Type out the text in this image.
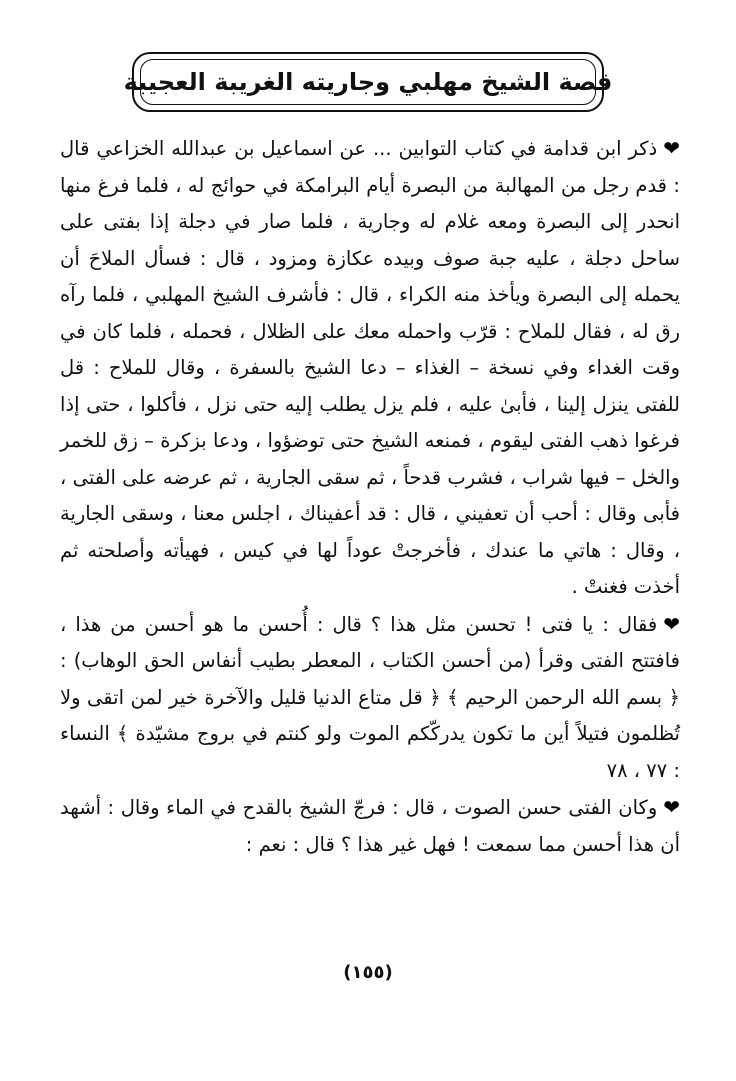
قصة الشيخ مهلبي وجاريته الغريبة العجيبة

❤ذكر ابن قدامة في كتاب التوابين ... عن اسماعيل بن عبدالله الخزاعي قال : قدم رجل من المهالبة من البصرة أيام البرامكة في حوائج له ، فلما فرغ منها انحدر إلى البصرة ومعه غلام له وجارية ، فلما صار في دجلة إذا بفتى على ساحل دجلة ، عليه جبة صوف وبيده عكازة ومزود ، قال : فسأل الملاحَ أن يحمله إلى البصرة ويأخذ منه الكراء ، قال : فأشرف الشيخ المهلبي ، فلما رآه رق له ، فقال للملاح : قرّب واحمله معك على الظلال ، فحمله ، فلما كان في وقت الغداء وفي نسخة – الغذاء – دعا الشيخ بالسفرة ، وقال للملاح : قل للفتى ينزل إلينا ، فأبىٰ عليه ، فلم يزل يطلب إليه حتى نزل ، فأكلوا ، حتى إذا فرغوا ذهب الفتى ليقوم ، فمنعه الشيخ حتى توضؤوا ، ودعا بزكرة – زق للخمر والخل – فيها شراب ، فشرب قدحاً ، ثم سقى الجارية ، ثم عرضه على الفتى ، فأبى وقال : أحب أن تعفيني ، قال : قد أعفيناك ، اجلس معنا ، وسقى الجارية ، وقال : هاتي ما عندك ، فأخرجتْ عوداً لها في كيس ، فهيأته وأصلحته ثم أخذت فغنتْ .

❤فقال : يا فتى ! تحسن مثل هذا ؟ قال : أُحسن ما هو أحسن من هذا ، فافتتح الفتى وقرأ (من أحسن الكتاب ، المعطر بطيب أنفاس الحق الوهاب) : ﴿ بسم الله الرحمن الرحيم ﴾ ﴿ قل متاع الدنيا قليل والآخرة خير لمن اتقى ولا تُظلمون فتيلاً أين ما تكون يدركّكم الموت ولو كنتم في بروج مشيّدة ﴾ النساء : ٧٧ ، ٧٨

❤وكان الفتى حسن الصوت ، قال : فرجّ الشيخ بالقدح في الماء وقال : أشهد أن هذا أحسن مما سمعت ! فهل غير هذا ؟ قال : نعم :

(١٥٥)
